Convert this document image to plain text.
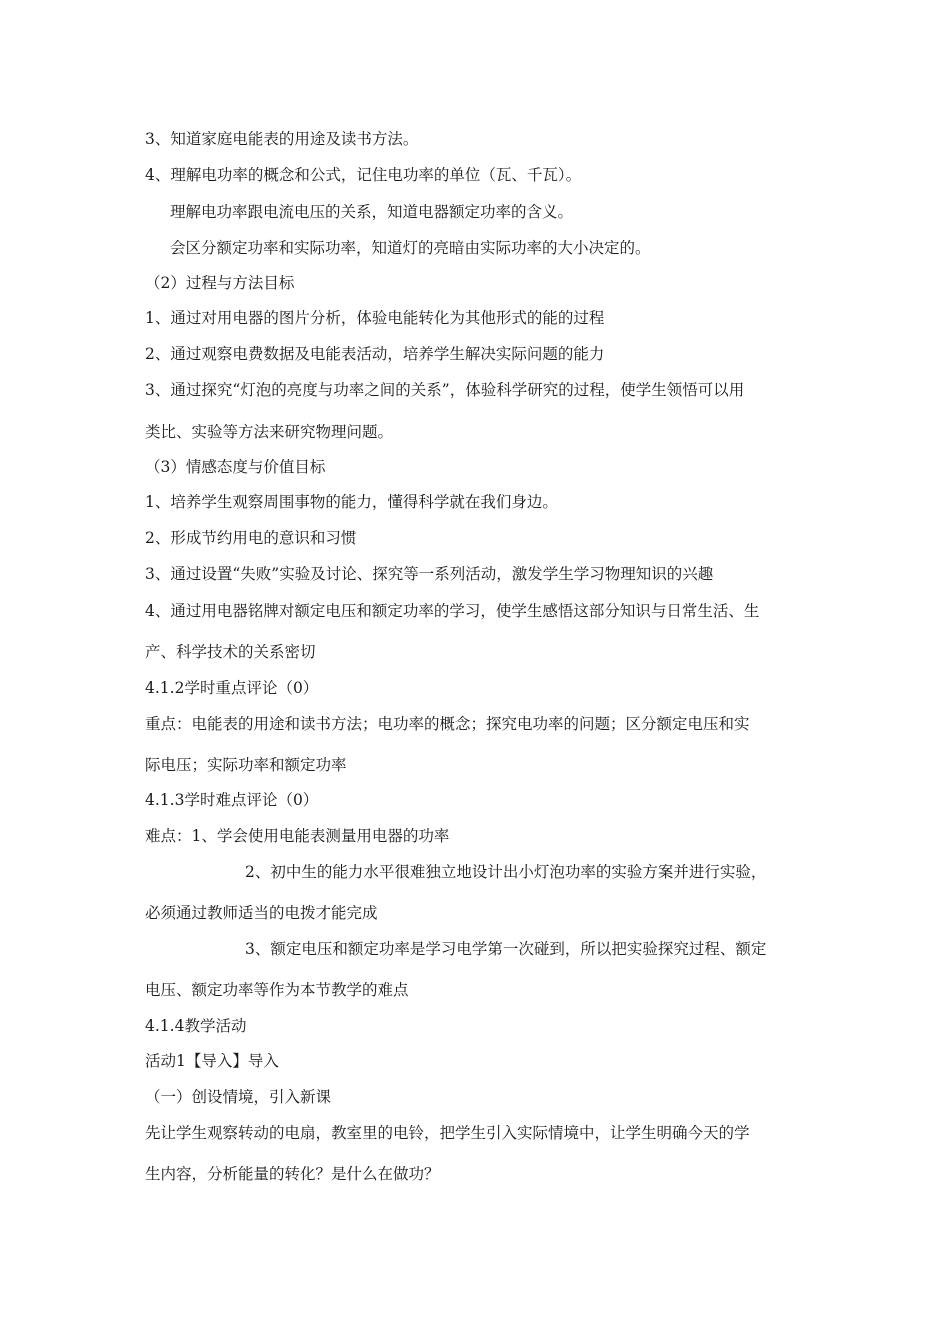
3、知道家庭电能表的用途及读书方法。
4、理解电功率的概念和公式，记住电功率的单位（瓦、千瓦）。
理解电功率跟电流电压的关系，知道电器额定功率的含义。
会区分额定功率和实际功率，知道灯的亮暗由实际功率的大小决定的。
（2）过程与方法目标
1、通过对用电器的图片分析，体验电能转化为其他形式的能的过程
2、通过观察电费数据及电能表活动，培养学生解决实际问题的能力
3、通过探究“灯泡的亮度与功率之间的关系”，体验科学研究的过程，使学生领悟可以用
类比、实验等方法来研究物理问题。
（3）情感态度与价值目标
1、培养学生观察周围事物的能力，懂得科学就在我们身边。
2、形成节约用电的意识和习惯
3、通过设置“失败”实验及讨论、探究等一系列活动，激发学生学习物理知识的兴趣
4、通过用电器铭牌对额定电压和额定功率的学习，使学生感悟这部分知识与日常生活、生
产、科学技术的关系密切
4.1.2学时重点评论（0）
重点：电能表的用途和读书方法；电功率的概念；探究电功率的问题；区分额定电压和实
际电压；实际功率和额定功率
4.1.3学时难点评论（0）
难点：1、学会使用电能表测量用电器的功率
2、初中生的能力水平很难独立地设计出小灯泡功率的实验方案并进行实验，
必须通过教师适当的电拨才能完成
3、额定电压和额定功率是学习电学第一次碰到，所以把实验探究过程、额定
电压、额定功率等作为本节教学的难点
4.1.4教学活动
活动1【导入】导入
（一）创设情境，引入新课
先让学生观察转动的电扇，教室里的电铃，把学生引入实际情境中，让学生明确今天的学
生内容，分析能量的转化？是什么在做功？
